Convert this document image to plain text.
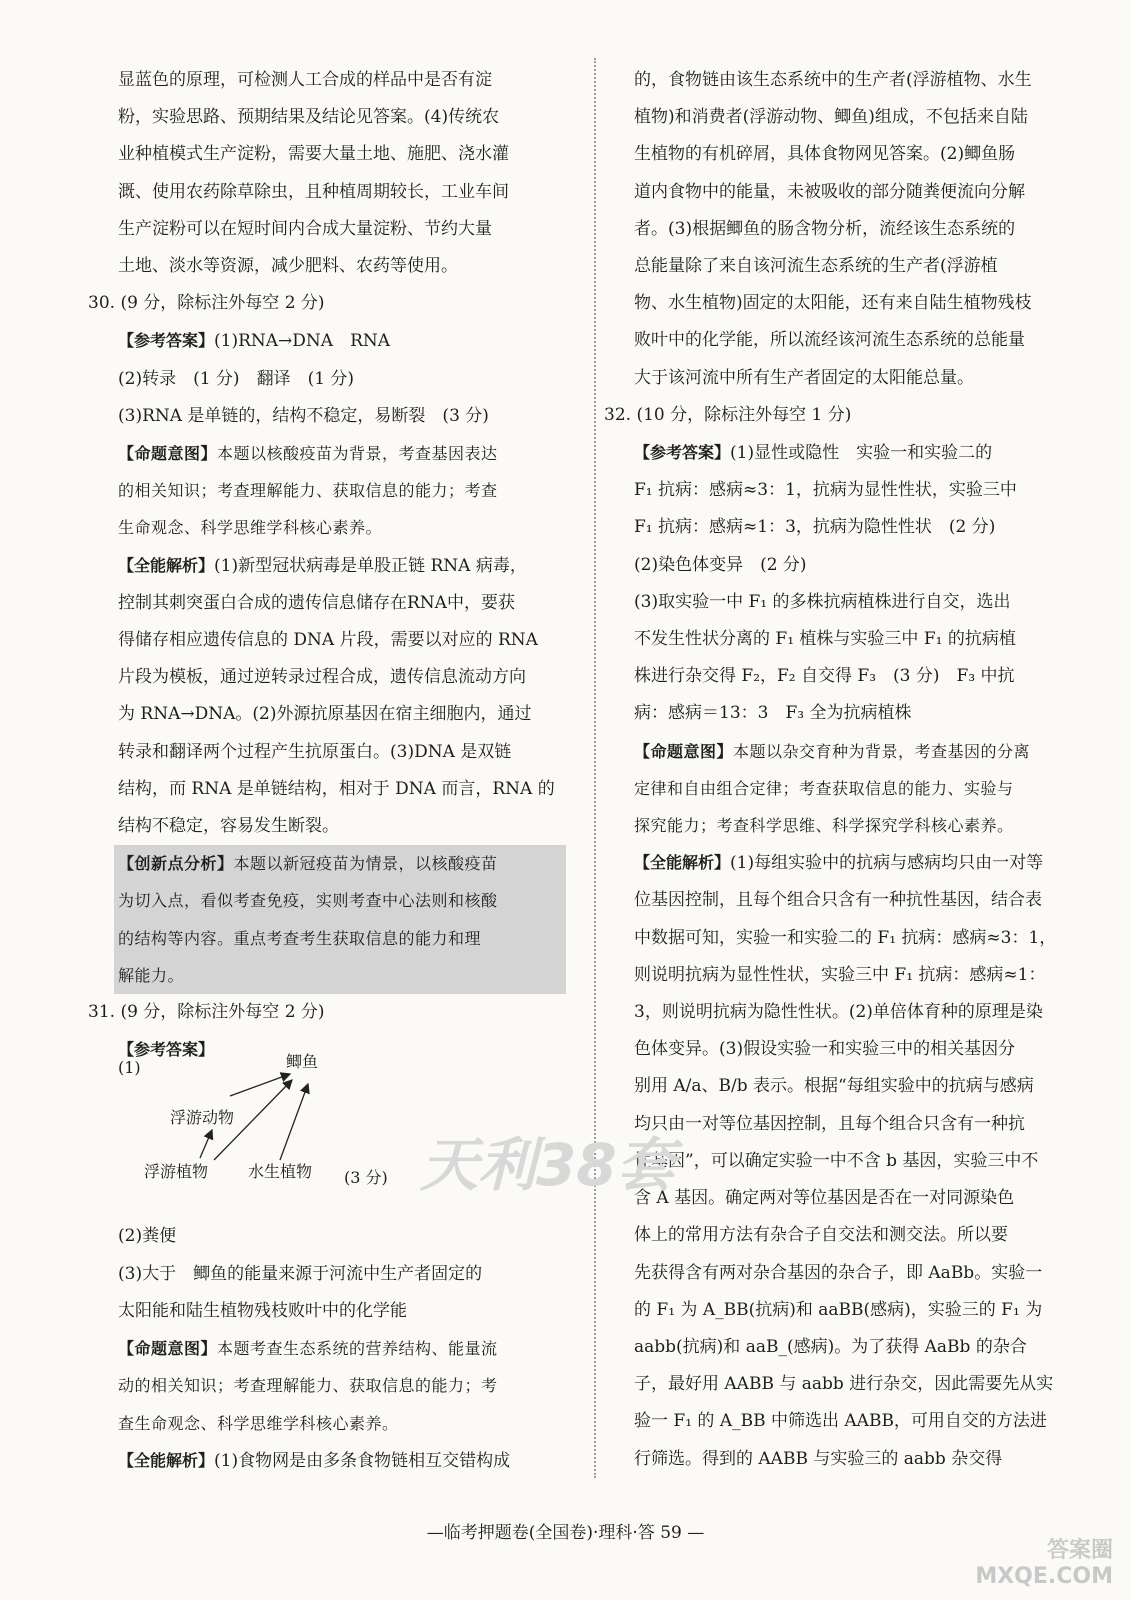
显蓝色的原理，可检测人工合成的样品中是否有淀

粉，实验思路、预期结果及结论见答案。(4)传统农

业种植模式生产淀粉，需要大量土地、施肥、浇水灌

溉、使用农药除草除虫，且种植周期较长，工业车间

生产淀粉可以在短时间内合成大量淀粉、节约大量

土地、淡水等资源，减少肥料、农药等使用。

30. (9 分，除标注外每空 2 分)

【参考答案】(1)RNA→DNA　RNA

(2)转录　(1 分)　翻译　(1 分)

(3)RNA 是单链的，结构不稳定，易断裂　(3 分)

【命题意图】本题以核酸疫苗为背景，考查基因表达

的相关知识；考查理解能力、获取信息的能力；考查

生命观念、科学思维学科核心素养。

【全能解析】(1)新型冠状病毒是单股正链 RNA 病毒，

控制其刺突蛋白合成的遗传信息储存在RNA中，要获

得储存相应遗传信息的 DNA 片段，需要以对应的 RNA

片段为模板，通过逆转录过程合成，遗传信息流动方向

为 RNA→DNA。(2)外源抗原基因在宿主细胞内，通过

转录和翻译两个过程产生抗原蛋白。(3)DNA 是双链

结构，而 RNA 是单链结构，相对于 DNA 而言，RNA 的

结构不稳定，容易发生断裂。

【创新点分析】本题以新冠疫苗为情景，以核酸疫苗

为切入点，看似考查免疫，实则考查中心法则和核酸

的结构等内容。重点考查考生获取信息的能力和理

解能力。

31. (9 分，除标注外每空 2 分)

【参考答案】

(1)	鲫鱼
浮游动物
浮游植物 水生植物 (3 分)

(2)粪便

(3)大于　鲫鱼的能量来源于河流中生产者固定的

太阳能和陆生植物残枝败叶中的化学能

【命题意图】本题考查生态系统的营养结构、能量流

动的相关知识；考查理解能力、获取信息的能力；考

查生命观念、科学思维学科核心素养。

【全能解析】(1)食物网是由多条食物链相互交错构成

的，食物链由该生态系统中的生产者(浮游植物、水生

植物)和消费者(浮游动物、鲫鱼)组成，不包括来自陆

生植物的有机碎屑，具体食物网见答案。(2)鲫鱼肠

道内食物中的能量，未被吸收的部分随粪便流向分解

者。(3)根据鲫鱼的肠含物分析，流经该生态系统的

总能量除了来自该河流生态系统的生产者(浮游植

物、水生植物)固定的太阳能，还有来自陆生植物残枝

败叶中的化学能，所以流经该河流生态系统的总能量

大于该河流中所有生产者固定的太阳能总量。

32. (10 分，除标注外每空 1 分)

【参考答案】(1)显性或隐性　实验一和实验二的

F₁ 抗病：感病≈3：1，抗病为显性性状，实验三中

F₁ 抗病：感病≈1：3，抗病为隐性性状　(2 分)

(2)染色体变异　(2 分)

(3)取实验一中 F₁ 的多株抗病植株进行自交，选出

不发生性状分离的 F₁ 植株与实验三中 F₁ 的抗病植

株进行杂交得 F₂，F₂ 自交得 F₃　(3 分)　F₃ 中抗

病：感病＝13：3　F₃ 全为抗病植株

【命题意图】本题以杂交育种为背景，考查基因的分离

定律和自由组合定律；考查获取信息的能力、实验与

探究能力；考查科学思维、科学探究学科核心素养。

【全能解析】(1)每组实验中的抗病与感病均只由一对等

位基因控制，且每个组合只含有一种抗性基因，结合表

中数据可知，实验一和实验二的 F₁ 抗病：感病≈3：1，

则说明抗病为显性性状，实验三中 F₁ 抗病：感病≈1：

3，则说明抗病为隐性性状。(2)单倍体育种的原理是染

色体变异。(3)假设实验一和实验三中的相关基因分

别用 A/a、B/b 表示。根据“每组实验中的抗病与感病

均只由一对等位基因控制，且每个组合只含有一种抗

性基因”，可以确定实验一中不含 b 基因，实验三中不

含 A 基因。确定两对等位基因是否在一对同源染色

体上的常用方法有杂合子自交法和测交法。所以要

先获得含有两对杂合基因的杂合子，即 AaBb。实验一

的 F₁ 为 A_BB(抗病)和 aaBB(感病)，实验三的 F₁ 为

aabb(抗病)和 aaB_(感病)。为了获得 AaBb 的杂合

子，最好用 AABB 与 aabb 进行杂交，因此需要先从实

验一 F₁ 的 A_BB 中筛选出 AABB，可用自交的方法进

行筛选。得到的 AABB 与实验三的 aabb 杂交得

天利38套
—临考押题卷(全国卷)·理科·答 59 —
答案圈
MXQE.COM
